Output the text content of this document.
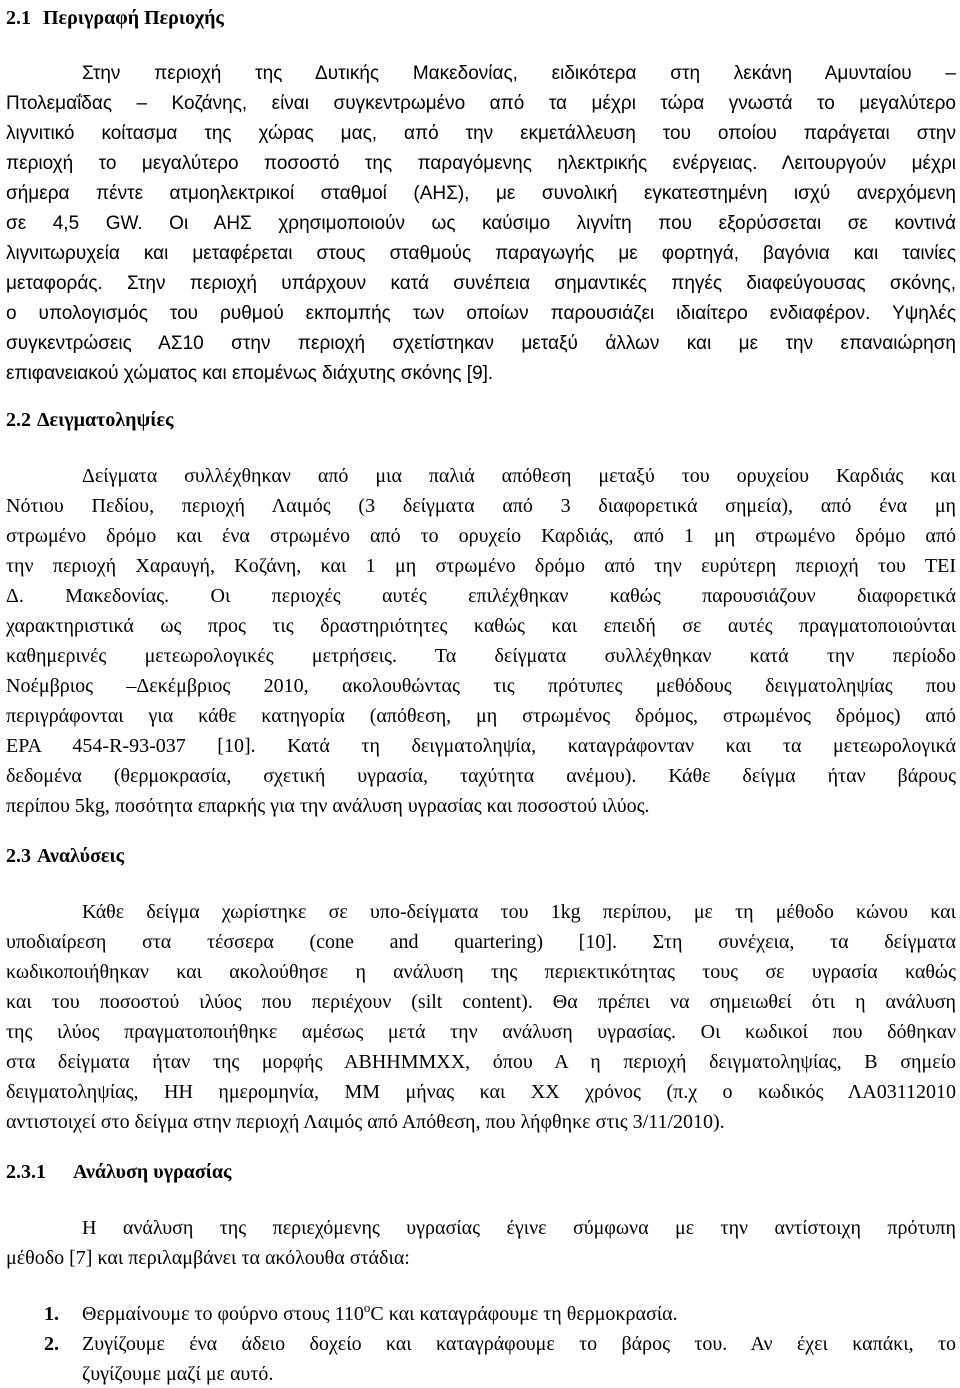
2.1 Περιγραφή Περιοχής
Στην περιοχή της Δυτικής Μακεδονίας, ειδικότερα στη λεκάνη Αμυνταίου –
Πτολεμαΐδας – Κοζάνης, είναι συγκεντρωμένο από τα μέχρι τώρα γνωστά το μεγαλύτερο
λιγνιτικό κοίτασμα της χώρας μας, από την εκμετάλλευση του οποίου παράγεται στην
περιοχή το μεγαλύτερο ποσοστό της παραγόμενης ηλεκτρικής ενέργειας. Λειτουργούν μέχρι
σήμερα πέντε ατμοηλεκτρικοί σταθμοί (ΑΗΣ), με συνολική εγκατεστημένη ισχύ ανερχόμενη
σε 4,5 GW. Οι ΑΗΣ χρησιμοποιούν ως καύσιμο λιγνίτη που εξορύσσεται σε κοντινά
λιγνιτωρυχεία και μεταφέρεται στους σταθμούς παραγωγής με φορτηγά, βαγόνια και ταινίες
μεταφοράς. Στην περιοχή υπάρχουν κατά συνέπεια σημαντικές πηγές διαφεύγουσας σκόνης,
ο υπολογισμός του ρυθμού εκπομπής των οποίων παρουσιάζει ιδιαίτερο ενδιαφέρον. Υψηλές
συγκεντρώσεις ΑΣ10 στην περιοχή σχετίστηκαν μεταξύ άλλων και με την επαναιώρηση
επιφανειακού χώματος και επομένως διάχυτης σκόνης [9].
2.2 Δειγματοληψίες
Δείγματα συλλέχθηκαν από μια παλιά απόθεση μεταξύ του ορυχείου Καρδιάς και
Νότιου Πεδίου, περιοχή Λαιμός (3 δείγματα από 3 διαφορετικά σημεία), από ένα μη
στρωμένο δρόμο και ένα στρωμένο από το ορυχείο Καρδιάς, από 1 μη στρωμένο δρόμο από
την περιοχή Χαραυγή, Κοζάνη, και 1 μη στρωμένο δρόμο από την ευρύτερη περιοχή του ΤΕΙ
Δ. Μακεδονίας. Οι περιοχές αυτές επιλέχθηκαν καθώς παρουσιάζουν διαφορετικά
χαρακτηριστικά ως προς τις δραστηριότητες καθώς και επειδή σε αυτές πραγματοποιούνται
καθημερινές μετεωρολογικές μετρήσεις. Τα δείγματα συλλέχθηκαν κατά την περίοδο
Νοέμβριος –Δεκέμβριος 2010, ακολουθώντας τις πρότυπες μεθόδους δειγματοληψίας που
περιγράφονται για κάθε κατηγορία (απόθεση, μη στρωμένος δρόμος, στρωμένος δρόμος) από
EPA 454-R-93-037 [10]. Κατά τη δειγματοληψία, καταγράφονταν και τα μετεωρολογικά
δεδομένα (θερμοκρασία, σχετική υγρασία, ταχύτητα ανέμου). Κάθε δείγμα ήταν βάρους
περίπου 5kg, ποσότητα επαρκής για την ανάλυση υγρασίας και ποσοστού ιλύος.
2.3 Αναλύσεις
Κάθε δείγμα χωρίστηκε σε υπο-δείγματα του 1kg περίπου, με τη μέθοδο κώνου και
υποδιαίρεση στα τέσσερα (cone and quartering) [10]. Στη συνέχεια, τα δείγματα
κωδικοποιήθηκαν και ακολούθησε η ανάλυση της περιεκτικότητας τους σε υγρασία καθώς
και του ποσοστού ιλύος που περιέχουν (silt content). Θα πρέπει να σημειωθεί ότι η ανάλυση
της ιλύος πραγματοποιήθηκε αμέσως μετά την ανάλυση υγρασίας. Οι κωδικοί που δόθηκαν
στα δείγματα ήταν της μορφής ΑΒΗΗΜΜΧΧ, όπου Α η περιοχή δειγματοληψίας, Β σημείο
δειγματοληψίας, ΗΗ ημερομηνία, ΜΜ μήνας και ΧΧ χρόνος (π.χ ο κωδικός ΛΑ03112010
αντιστοιχεί στο δείγμα στην περιοχή Λαιμός από Απόθεση, που λήφθηκε στις 3/11/2010).
2.3.1 Ανάλυση υγρασίας
Η ανάλυση της περιεχόμενης υγρασίας έγινε σύμφωνα με την αντίστοιχη πρότυπη
μέθοδο [7] και περιλαμβάνει τα ακόλουθα στάδια:
1. Θερμαίνουμε το φούρνο στους 110$^o$C και καταγράφουμε τη θερμοκρασία.
2. Ζυγίζουμε ένα άδειο δοχείο και καταγράφουμε το βάρος του. Αν έχει καπάκι, το
ζυγίζουμε μαζί με αυτό.
